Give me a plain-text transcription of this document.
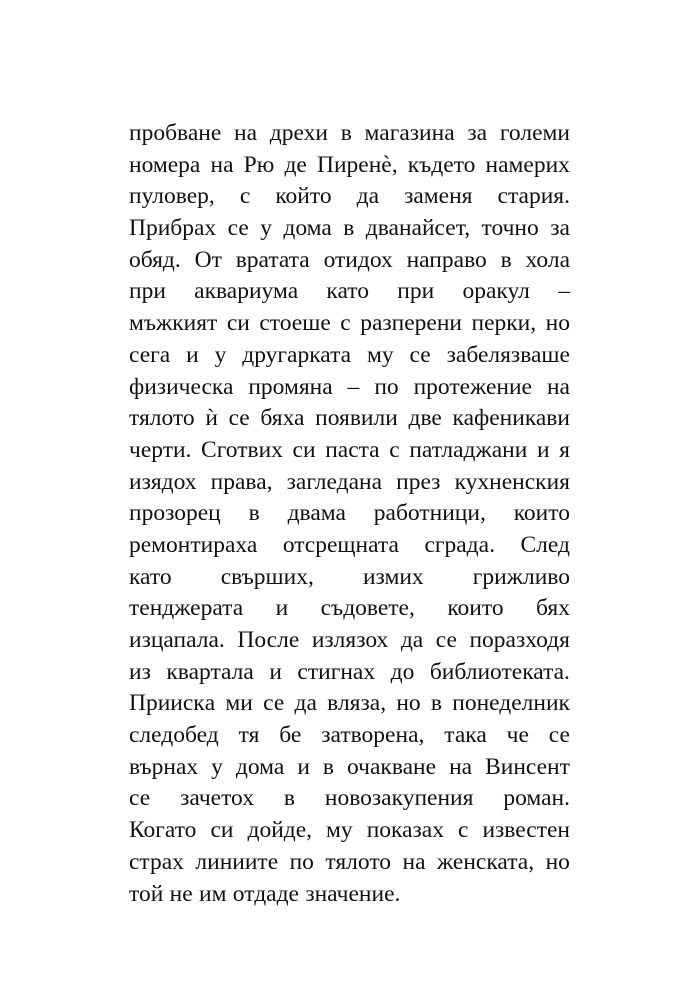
пробване на дрехи в магазина за големи
номера на Рю де Пиренѐ, където намерих
пуловер, с който да заменя стария.
Прибрах се у дома в дванайсет, точно за
обяд. От вратата отидох направо в хола
при аквариума като при оракул –
мъжкият си стоеше с разперени перки, но
сега и у другарката му се забелязваше
физическа промяна – по протежение на
тялото ѝ се бяха появили две кафеникави
черти. Сготвих си паста с патладжани и я
изядох права, загледана през кухненския
прозорец в двама работници, които
ремонтираха отсрещната сграда. След
като свърших, измих грижливо
тенджерата и съдовете, които бях
изцапала. После излязох да се поразходя
из квартала и стигнах до библиотеката.
Приискa ми се да вляза, но в понеделник
следобед тя бе затворена, така че се
върнах у дома и в очакване на Винсент
се зачетох в новозакупения роман.
Когато си дойде, му показах с известен
страх линиите по тялото на женската, но
той не им отдаде значение.
